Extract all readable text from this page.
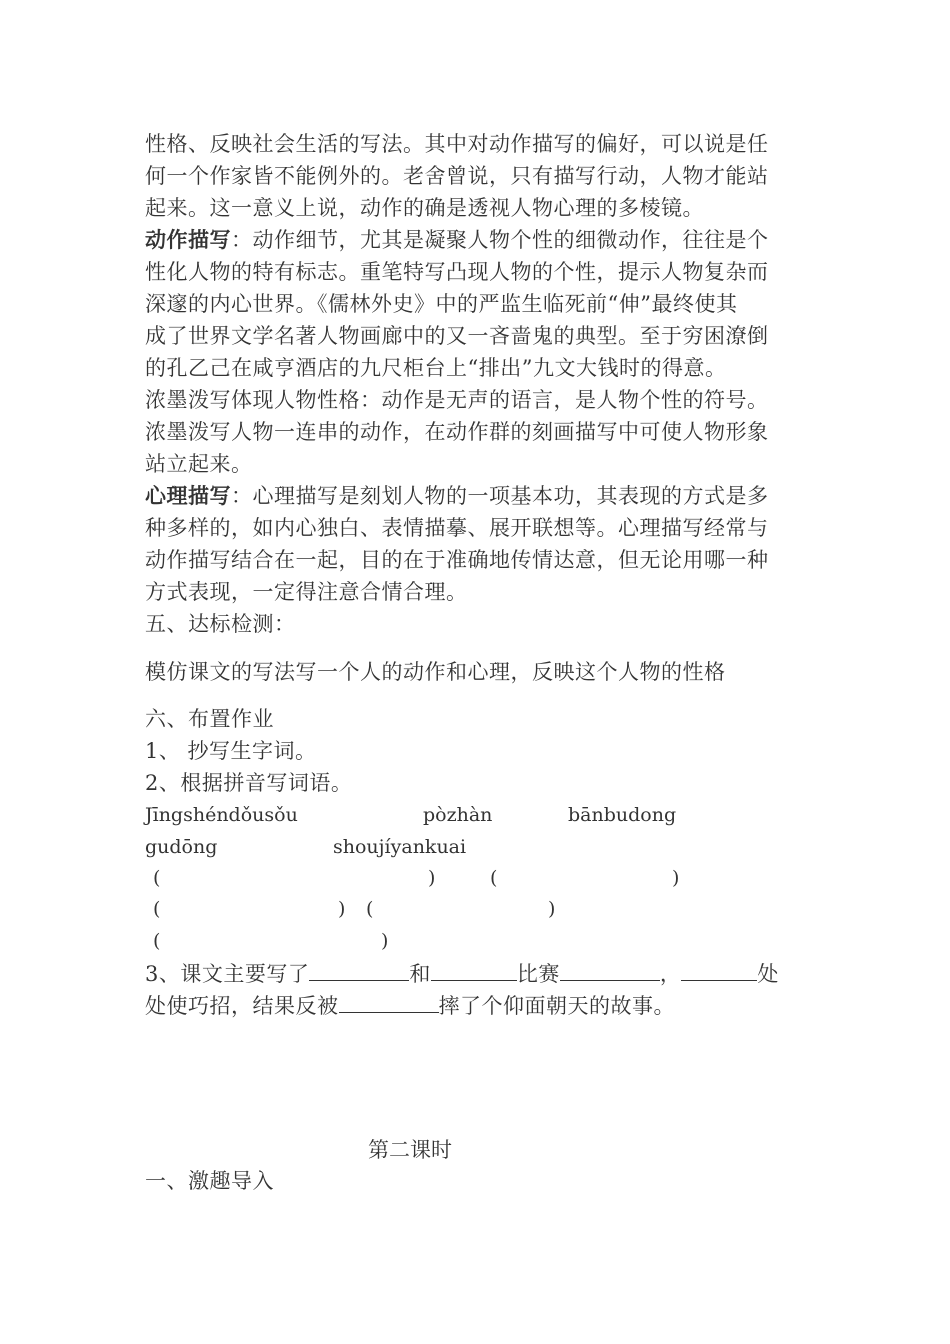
性格、反映社会生活的写法。其中对动作描写的偏好，可以说是任
何一个作家皆不能例外的。老舍曾说，只有描写行动，人物才能站
起来。这一意义上说，动作的确是透视人物心理的多棱镜。
动作描写：动作细节，尤其是凝聚人物个性的细微动作，往往是个
性化人物的特有标志。重笔特写凸现人物的个性，提示人物复杂而
深邃的内心世界。《儒林外史》中的严监生临死前“伸”最终使其
成了世界文学名著人物画廊中的又一吝啬鬼的典型。至于穷困潦倒
的孔乙己在咸亨酒店的九尺柜台上“排出”九文大钱时的得意。
浓墨泼写体现人物性格：动作是无声的语言，是人物个性的符号。
浓墨泼写人物一连串的动作，在动作群的刻画描写中可使人物形象
站立起来。
心理描写：心理描写是刻划人物的一项基本功，其表现的方式是多
种多样的，如内心独白、表情描摹、展开联想等。心理描写经常与
动作描写结合在一起，目的在于准确地传情达意，但无论用哪一种
方式表现，一定得注意合情合理。
五、达标检测：
模仿课文的写法写一个人的动作和心理，反映这个人物的性格
六、布置作业
1、 抄写生字词。
2、根据拼音写词语。
Jīngshéndǒusǒu	pòzhàn	bānbudong
gudōng	shoujíyankuai
(	)	(	)
(	) (	)
(	)
3、课文主要写了	和	比赛	，	处
处使巧招，结果反被	摔了个仰面朝天的故事。
第二课时
一、激趣导入
